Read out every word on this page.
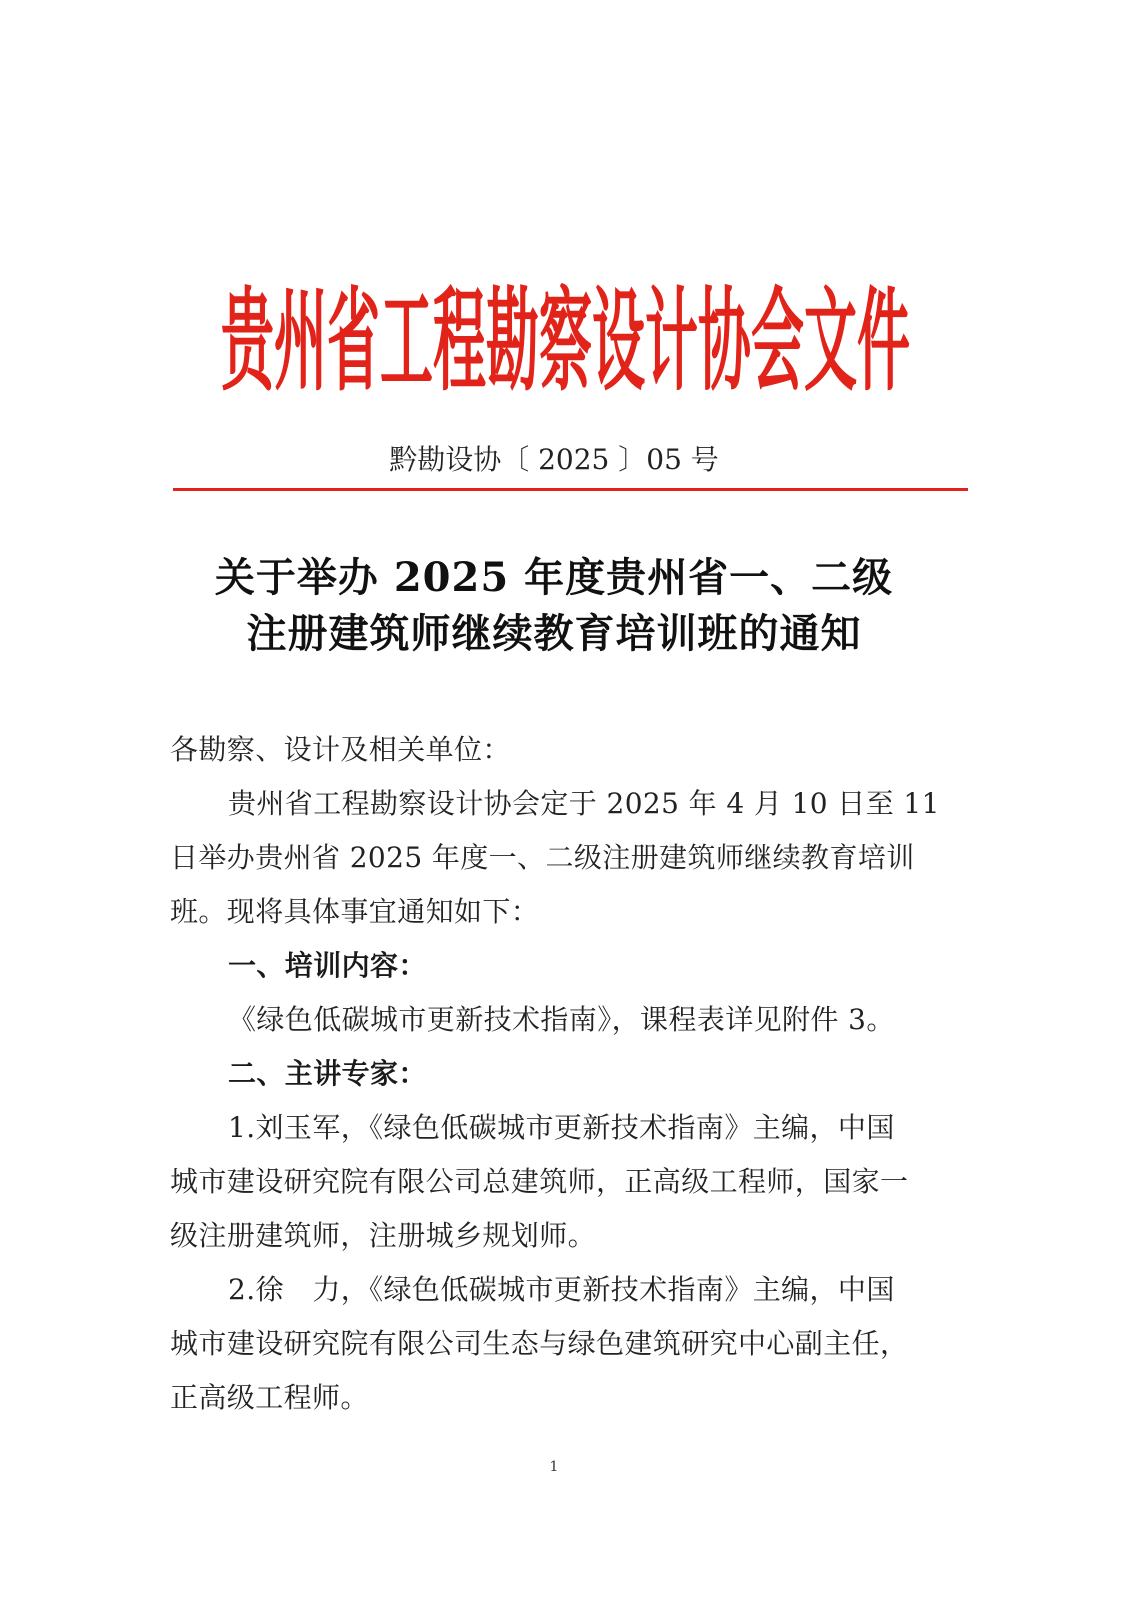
贵州省工程勘察设计协会文件
黔勘设协〔 2025 〕05 号
关于举办 2025 年度贵州省一、二级
注册建筑师继续教育培训班的通知
各勘察、设计及相关单位：
贵州省工程勘察设计协会定于 2025 年 4 月 10 日至 11
日举办贵州省 2025 年度一、二级注册建筑师继续教育培训
班。现将具体事宜通知如下：
一、培训内容：
《绿色低碳城市更新技术指南》，课程表详见附件 3。
二、主讲专家：
1.刘玉军，《绿色低碳城市更新技术指南》主编，中国
城市建设研究院有限公司总建筑师，正高级工程师，国家一
级注册建筑师，注册城乡规划师。
2.徐　力，《绿色低碳城市更新技术指南》主编，中国
城市建设研究院有限公司生态与绿色建筑研究中心副主任，
正高级工程师。
1
